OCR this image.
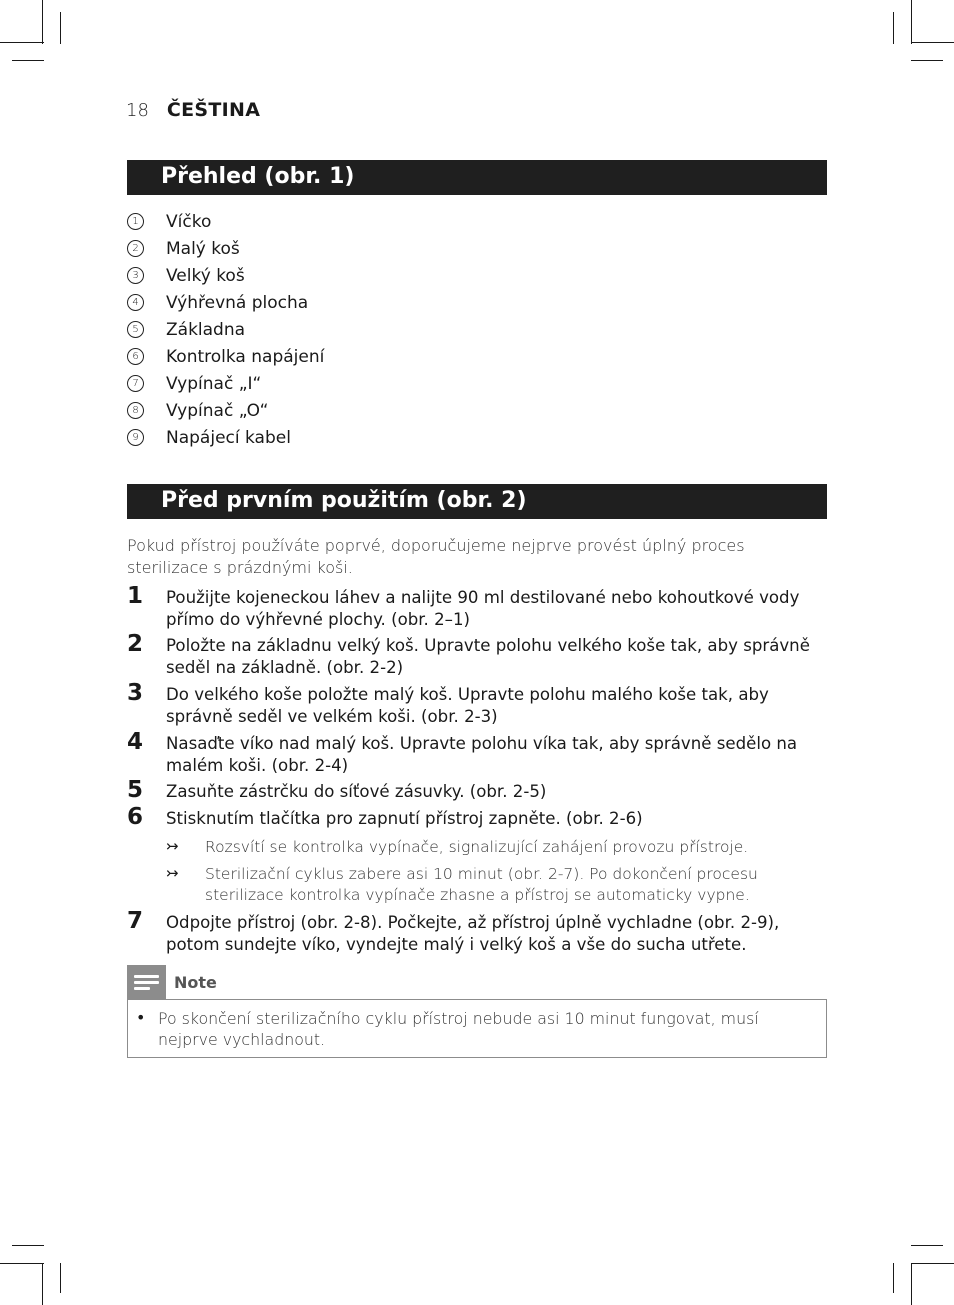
18 ČEŠTINA
Přehled (obr. 1)
1	Víčko
2	Malý koš
3	Velký koš
4	Výhřevná plocha
5	Základna
6	Kontrolka napájení
7	Vypínač „I“
8	Vypínač „O“
9	Napájecí kabel
Před prvním použitím (obr. 2)
Pokud přístroj používáte poprvé, doporučujeme nejprve provést úplný proces sterilizace s prázdnými koši.
1 Použijte kojeneckou láhev a nalijte 90 ml destilované nebo kohoutkové vody přímo do výhřevné plochy. (obr. 2–1)
2 Položte na základnu velký koš. Upravte polohu velkého koše tak, aby správně seděl na základně. (obr. 2-2)
3 Do velkého koše položte malý koš. Upravte polohu malého koše tak, aby správně seděl ve velkém koši. (obr. 2-3)
4 Nasaďte víko nad malý koš. Upravte polohu víka tak, aby správně sedělo na malém koši. (obr. 2-4)
5 Zasuňte zástrčku do síťové zásuvky. (obr. 2-5)
6 Stisknutím tlačítka pro zapnutí přístroj zapněte. (obr. 2-6)
↣ Rozsvítí se kontrolka vypínače, signalizující zahájení provozu přístroje.
↣ Sterilizační cyklus zabere asi 10 minut (obr. 2-7). Po dokončení procesu sterilizace kontrolka vypínače zhasne a přístroj se automaticky vypne.
7 Odpojte přístroj (obr. 2-8). Počkejte, až přístroj úplně vychladne (obr. 2-9), potom sundejte víko, vyndejte malý i velký koš a vše do sucha utřete.
Note
• Po skončení sterilizačního cyklu přístroj nebude asi 10 minut fungovat, musí nejprve vychladnout.
